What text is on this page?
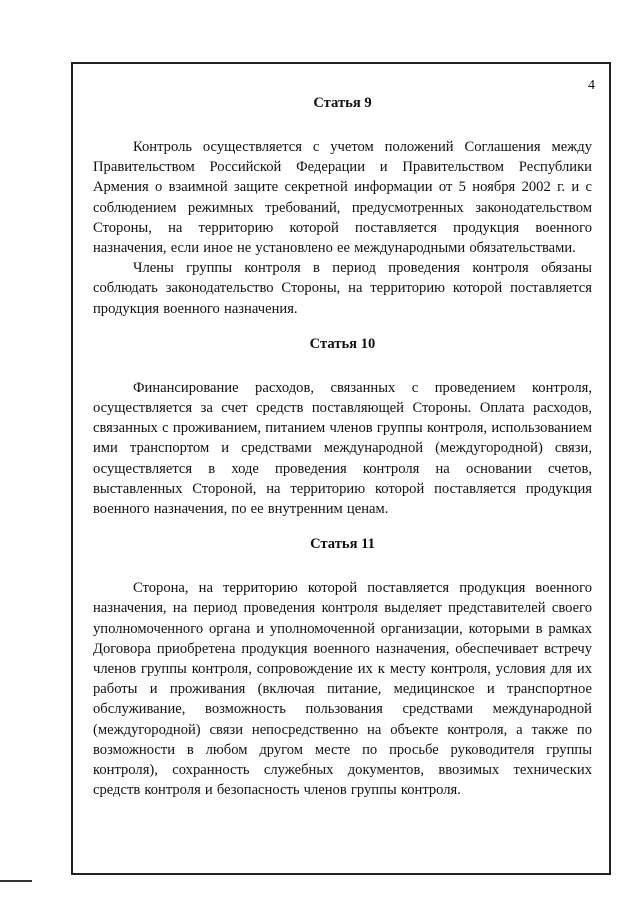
4
Статья 9

Контроль осуществляется с учетом положений Соглашения между Правительством Российской Федерации и Правительством Республики Армения о взаимной защите секретной информации от 5 ноября 2002 г. и с соблюдением режимных требований, предусмотренных законодательством Стороны, на территорию которой поставляется продукция военного назначения, если иное не установлено ее международными обязательствами.

Члены группы контроля в период проведения контроля обязаны соблюдать законодательство Стороны, на территорию которой поставляется продукция военного назначения.

Статья 10

Финансирование расходов, связанных с проведением контроля, осуществляется за счет средств поставляющей Стороны. Оплата расходов, связанных с проживанием, питанием членов группы контроля, использованием ими транспортом и средствами международной (междугородной) связи, осуществляется в ходе проведения контроля на основании счетов, выставленных Стороной, на территорию которой поставляется продукция военного назначения, по ее внутренним ценам.

Статья 11

Сторона, на территорию которой поставляется продукция военного назначения, на период проведения контроля выделяет представителей своего уполномоченного органа и уполномоченной организации, которыми в рамках Договора приобретена продукция военного назначения, обеспечивает встречу членов группы контроля, сопровождение их к месту контроля, условия для их работы и проживания (включая питание, медицинское и транспортное обслуживание, возможность пользования средствами международной (междугородной) связи непосредственно на объекте контроля, а также по возможности в любом другом месте по просьбе руководителя группы контроля), сохранность служебных документов, ввозимых технических средств контроля и безопасность членов группы контроля.
